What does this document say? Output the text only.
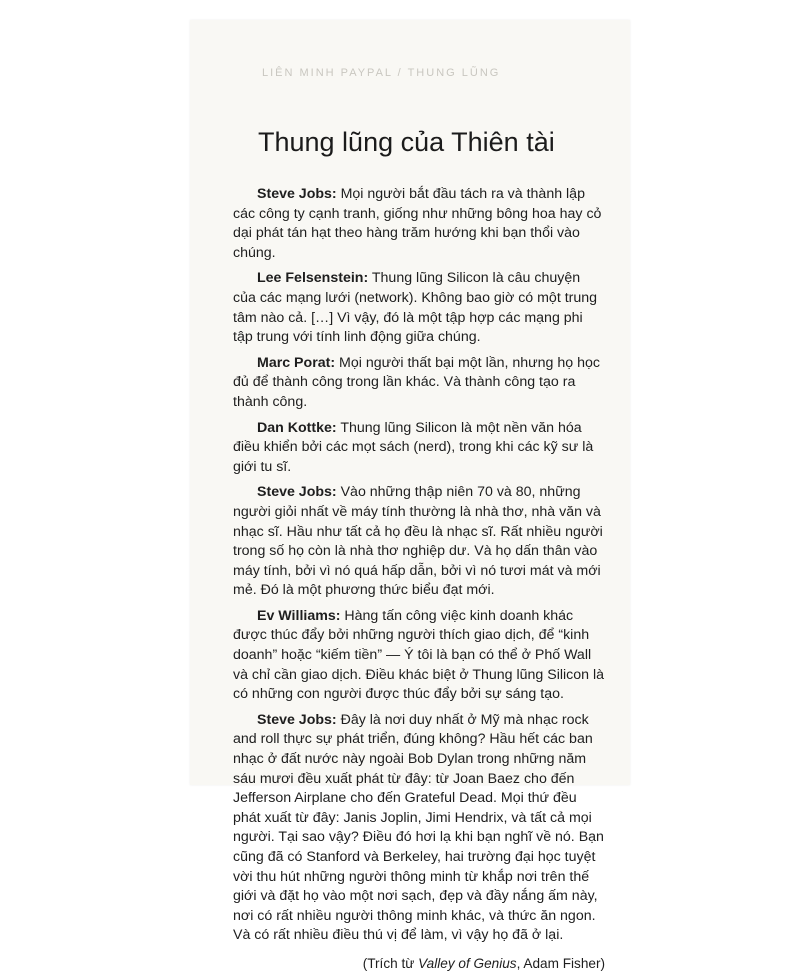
LIÊN MINH PAYPAL / THUNG LŨNG
Thung lũng của Thiên tài

Steve Jobs: Mọi người bắt đầu tách ra và thành lập các công ty cạnh tranh, giống như những bông hoa hay cỏ dại phát tán hạt theo hàng trăm hướng khi bạn thổi vào chúng.

Lee Felsenstein: Thung lũng Silicon là câu chuyện của các mạng lưới (network). Không bao giờ có một trung tâm nào cả. […] Vì vậy, đó là một tập hợp các mạng phi tập trung với tính linh động giữa chúng.

Marc Porat: Mọi người thất bại một lần, nhưng họ học đủ để thành công trong lần khác. Và thành công tạo ra thành công.

Dan Kottke: Thung lũng Silicon là một nền văn hóa điều khiển bởi các mọt sách (nerd), trong khi các kỹ sư là giới tu sĩ.

Steve Jobs: Vào những thập niên 70 và 80, những người giỏi nhất về máy tính thường là nhà thơ, nhà văn và nhạc sĩ. Hầu như tất cả họ đều là nhạc sĩ. Rất nhiều người trong số họ còn là nhà thơ nghiệp dư. Và họ dấn thân vào máy tính, bởi vì nó quá hấp dẫn, bởi vì nó tươi mát và mới mẻ. Đó là một phương thức biểu đạt mới.

Ev Williams: Hàng tấn công việc kinh doanh khác được thúc đẩy bởi những người thích giao dịch, để “kinh doanh” hoặc “kiếm tiền” — Ý tôi là bạn có thể ở Phố Wall và chỉ cần giao dịch. Điều khác biệt ở Thung lũng Silicon là có những con người được thúc đẩy bởi sự sáng tạo.

Steve Jobs: Đây là nơi duy nhất ở Mỹ mà nhạc rock and roll thực sự phát triển, đúng không? Hầu hết các ban nhạc ở đất nước này ngoài Bob Dylan trong những năm sáu mươi đều xuất phát từ đây: từ Joan Baez cho đến Jefferson Airplane cho đến Grateful Dead. Mọi thứ đều phát xuất từ đây: Janis Joplin, Jimi Hendrix, và tất cả mọi người. Tại sao vậy? Điều đó hơi lạ khi bạn nghĩ về nó. Bạn cũng đã có Stanford và Berkeley, hai trường đại học tuyệt vời thu hút những người thông minh từ khắp nơi trên thế giới và đặt họ vào một nơi sạch, đẹp và đầy nắng ấm này, nơi có rất nhiều người thông minh khác, và thức ăn ngon. Và có rất nhiều điều thú vị để làm, vì vậy họ đã ở lại.

(Trích từ Valley of Genius, Adam Fisher)
